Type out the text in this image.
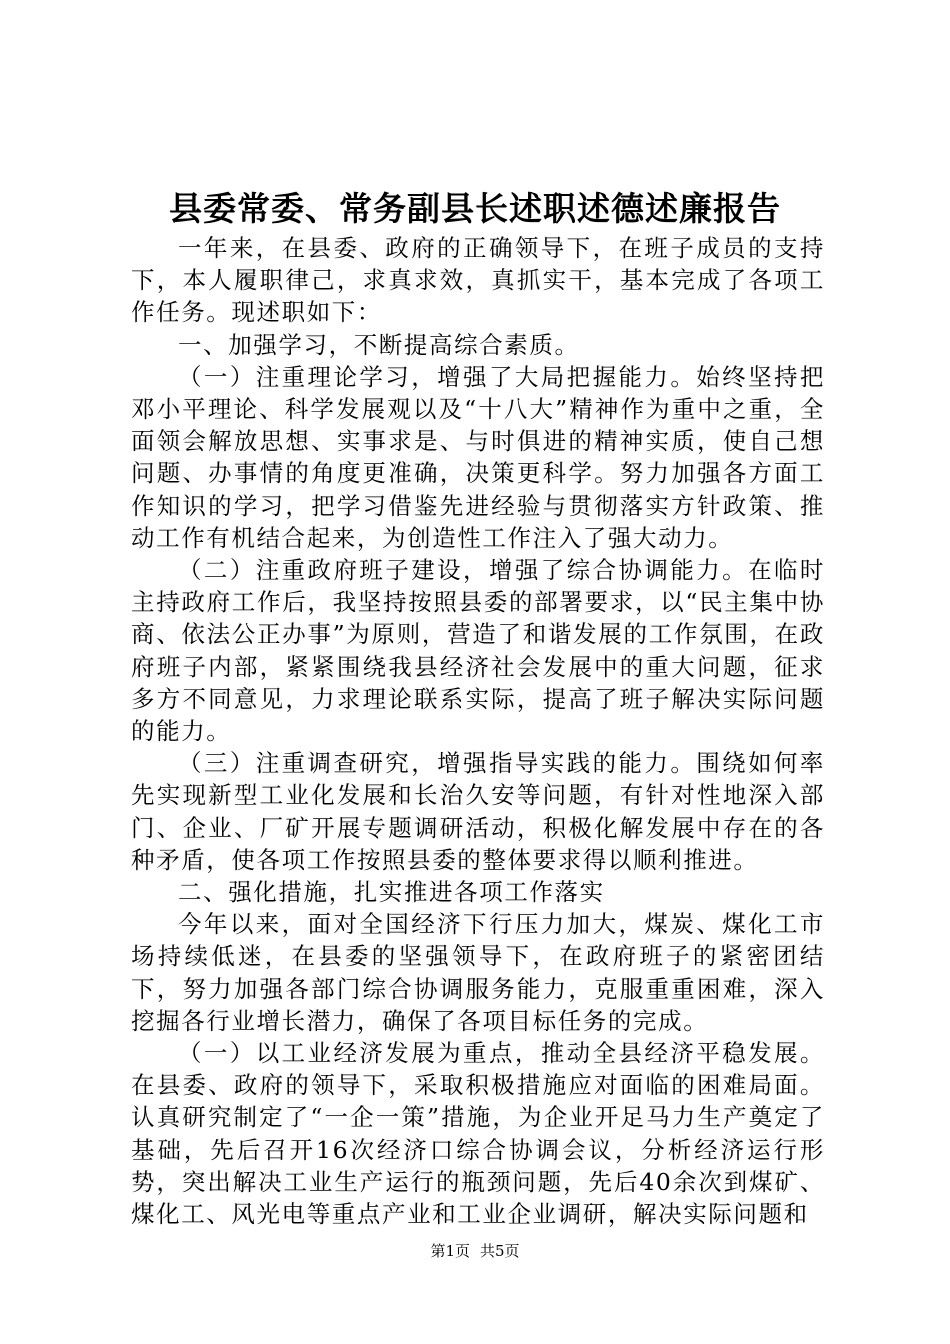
县委常委、常务副县长述职述德述廉报告

一年来，在县委、政府的正确领导下，在班子成员的支持下，本人履职律己，求真求效，真抓实干，基本完成了各项工作任务。现述职如下：

一、加强学习，不断提高综合素质。

（一）注重理论学习，增强了大局把握能力。始终坚持把邓小平理论、科学发展观以及“十八大”精神作为重中之重，全面领会解放思想、实事求是、与时俱进的精神实质，使自己想问题、办事情的角度更准确，决策更科学。努力加强各方面工作知识的学习，把学习借鉴先进经验与贯彻落实方针政策、推动工作有机结合起来，为创造性工作注入了强大动力。

（二）注重政府班子建设，增强了综合协调能力。在临时主持政府工作后，我坚持按照县委的部署要求，以“民主集中协商、依法公正办事”为原则，营造了和谐发展的工作氛围，在政府班子内部，紧紧围绕我县经济社会发展中的重大问题，征求多方不同意见，力求理论联系实际，提高了班子解决实际问题的能力。

（三）注重调查研究，增强指导实践的能力。围绕如何率先实现新型工业化发展和长治久安等问题，有针对性地深入部门、企业、厂矿开展专题调研活动，积极化解发展中存在的各种矛盾，使各项工作按照县委的整体要求得以顺利推进。

二、强化措施，扎实推进各项工作落实

今年以来，面对全国经济下行压力加大，煤炭、煤化工市场持续低迷，在县委的坚强领导下，在政府班子的紧密团结下，努力加强各部门综合协调服务能力，克服重重困难，深入挖掘各行业增长潜力，确保了各项目标任务的完成。

（一）以工业经济发展为重点，推动全县经济平稳发展。在县委、政府的领导下，采取积极措施应对面临的困难局面。认真研究制定了“一企一策”措施，为企业开足马力生产奠定了基础，先后召开16次经济口综合协调会议，分析经济运行形势，突出解决工业生产运行的瓶颈问题，先后40余次到煤矿、煤化工、风光电等重点产业和工业企业调研，解决实际问题和

第1页 共5页
